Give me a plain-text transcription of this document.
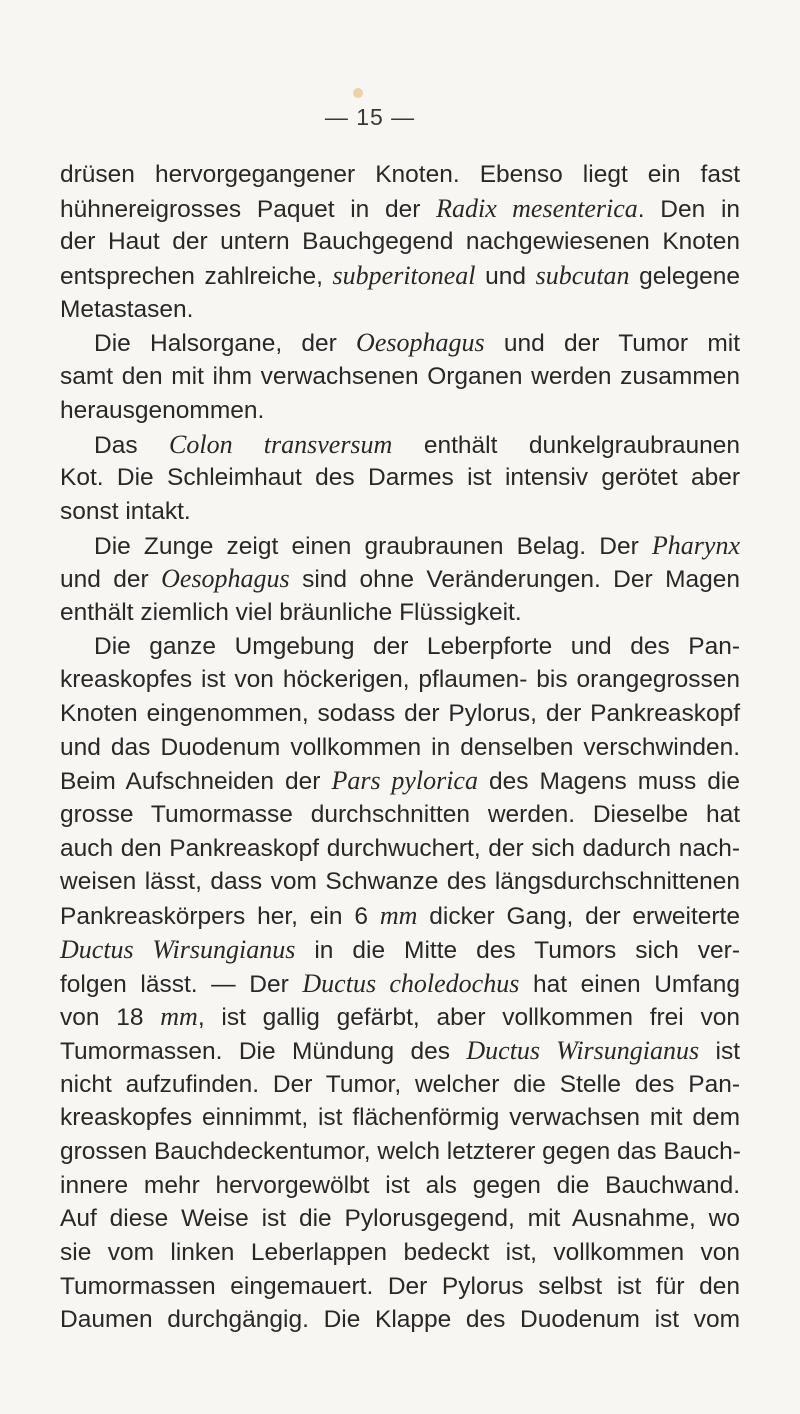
— 15 —
drüsen hervorgegangener Knoten. Ebenso liegt ein fast
hühnereigrosses Paquet in der Radix mesenterica. Den in
der Haut der untern Bauchgegend nachgewiesenen Knoten
entsprechen zahlreiche, subperitoneal und subcutan gelegene
Metastasen.
Die Halsorgane, der Oesophagus und der Tumor mit
samt den mit ihm verwachsenen Organen werden zusammen
herausgenommen.
Das Colon transversum enthält dunkelgraubraunen
Kot. Die Schleimhaut des Darmes ist intensiv gerötet aber
sonst intakt.
Die Zunge zeigt einen graubraunen Belag. Der Pharynx
und der Oesophagus sind ohne Veränderungen. Der Magen
enthält ziemlich viel bräunliche Flüssigkeit.
Die ganze Umgebung der Leberpforte und des Pan-
kreaskopfes ist von höckerigen, pflaumen- bis orangegrossen
Knoten eingenommen, sodass der Pylorus, der Pankreaskopf
und das Duodenum vollkommen in denselben verschwinden.
Beim Aufschneiden der Pars pylorica des Magens muss die
grosse Tumormasse durchschnitten werden. Dieselbe hat
auch den Pankreaskopf durchwuchert, der sich dadurch nach-
weisen lässt, dass vom Schwanze des längsdurchschnittenen
Pankreaskörpers her, ein 6 mm dicker Gang, der erweiterte
Ductus Wirsungianus in die Mitte des Tumors sich ver-
folgen lässt. — Der Ductus choledochus hat einen Umfang
von 18 mm, ist gallig gefärbt, aber vollkommen frei von
Tumormassen. Die Mündung des Ductus Wirsungianus ist
nicht aufzufinden. Der Tumor, welcher die Stelle des Pan-
kreaskopfes einnimmt, ist flächenförmig verwachsen mit dem
grossen Bauchdeckentumor, welch letzterer gegen das Bauch-
innere mehr hervorgewölbt ist als gegen die Bauchwand.
Auf diese Weise ist die Pylorusgegend, mit Ausnahme, wo
sie vom linken Leberlappen bedeckt ist, vollkommen von
Tumormassen eingemauert. Der Pylorus selbst ist für den
Daumen durchgängig. Die Klappe des Duodenum ist vom
